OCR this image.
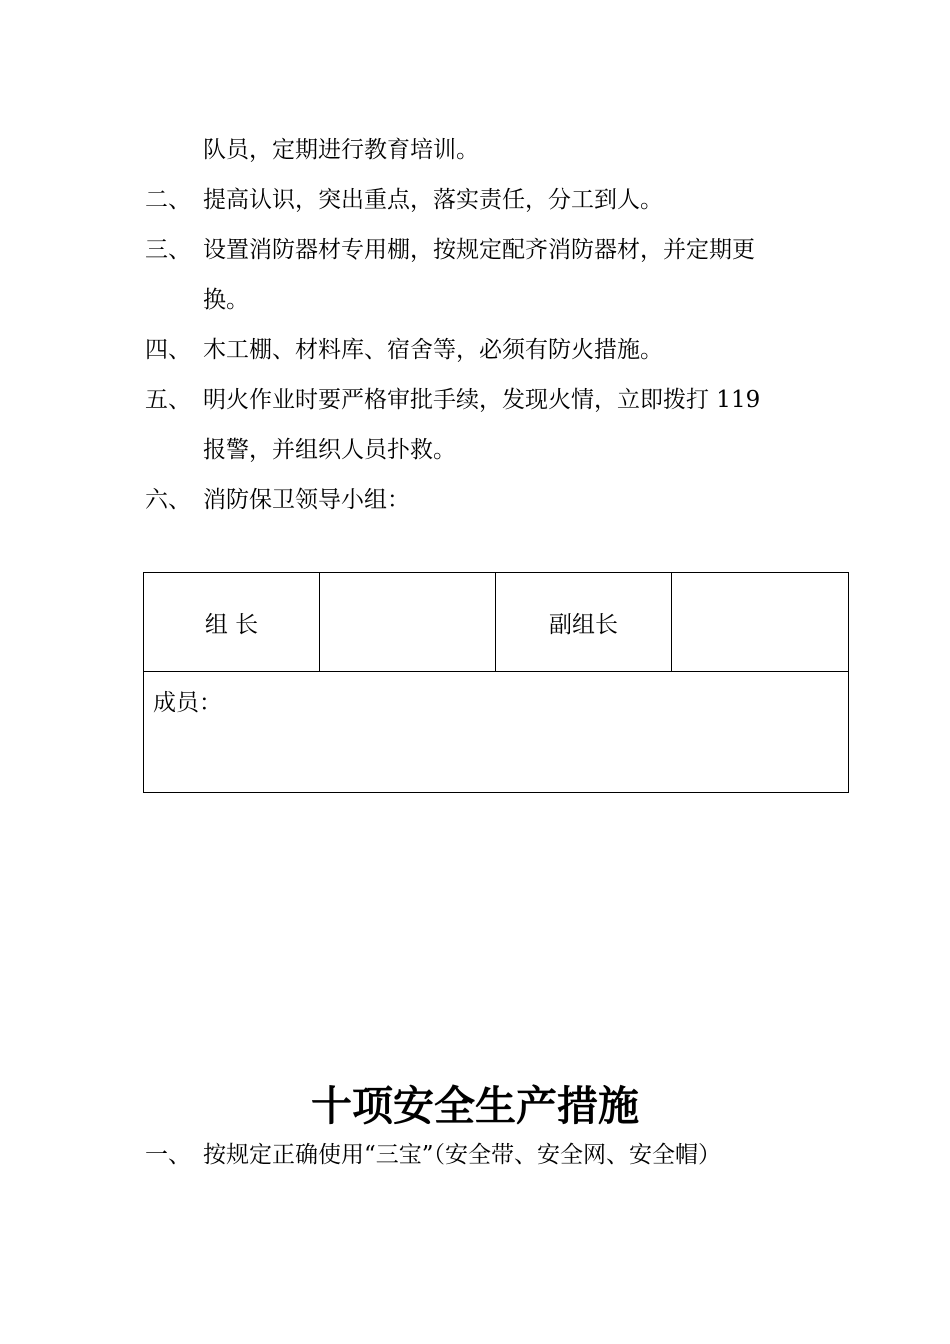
队员，定期进行教育培训。
二、 提高认识，突出重点，落实责任，分工到人。
三、 设置消防器材专用棚，按规定配齐消防器材，并定期更
换。
四、 木工棚、材料库、宿舍等，必须有防火措施。
五、 明火作业时要严格审批手续，发现火情，立即拨打 119
报警，并组织人员扑救。
六、 消防保卫领导小组：
组 长		副组长	
成员：
十项安全生产措施
一、 按规定正确使用“三宝”（安全带、安全网、安全帽）
